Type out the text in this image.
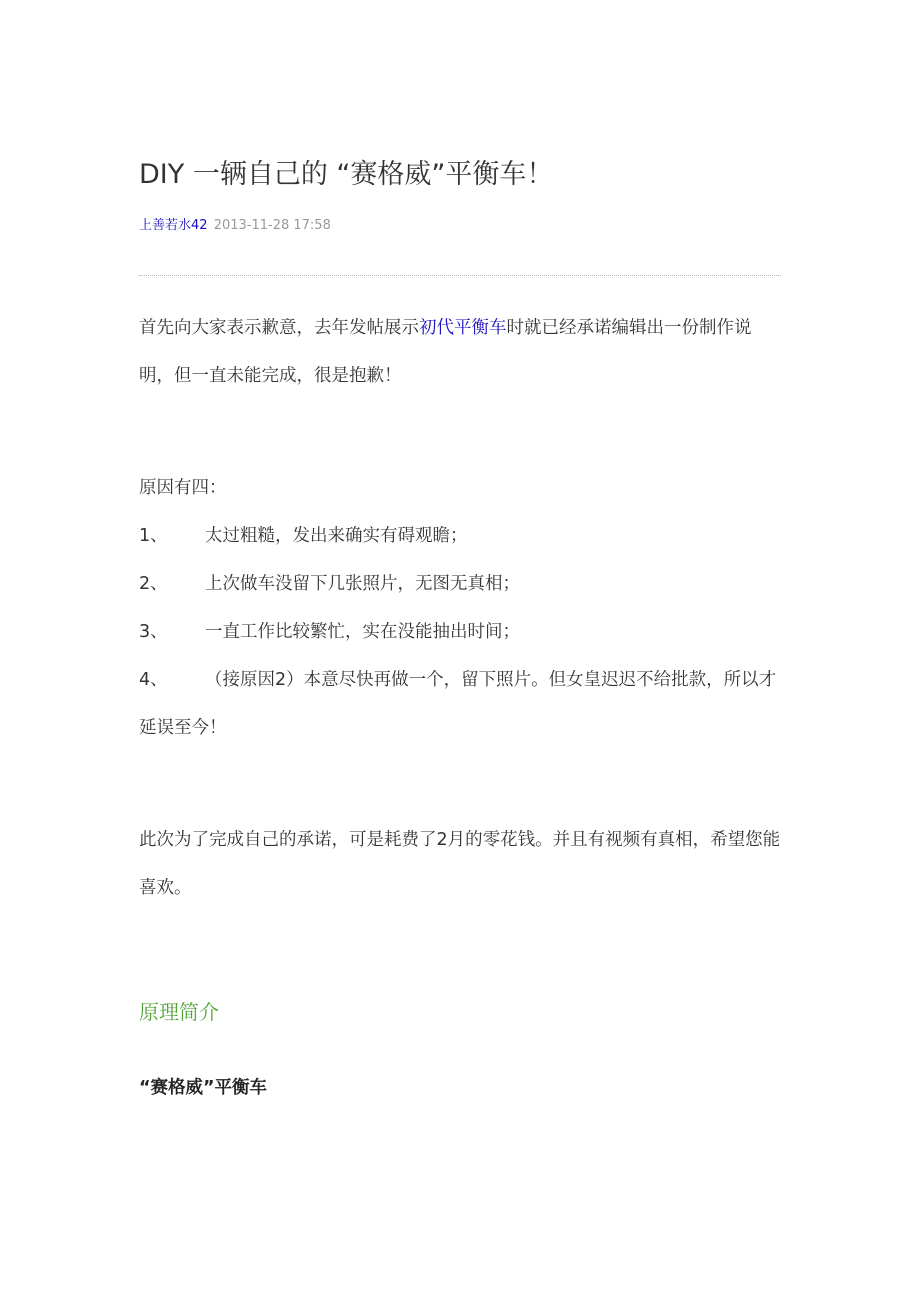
DIY 一辆自己的 “赛格威”平衡车！
上善若水42 2013-11-28 17:58

首先向大家表示歉意，去年发帖展示初代平衡车时就已经承诺编辑出一份制作说明，但一直未能完成，很是抱歉！

原因有四：

1、 太过粗糙，发出来确实有碍观瞻；
2、 上次做车没留下几张照片，无图无真相；
3、 一直工作比较繁忙，实在没能抽出时间；
4、 （接原因2）本意尽快再做一个，留下照片。但女皇迟迟不给批款，所以才延误至今！

此次为了完成自己的承诺，可是耗费了2月的零花钱。并且有视频有真相，希望您能喜欢。

原理简介
“赛格威”平衡车
